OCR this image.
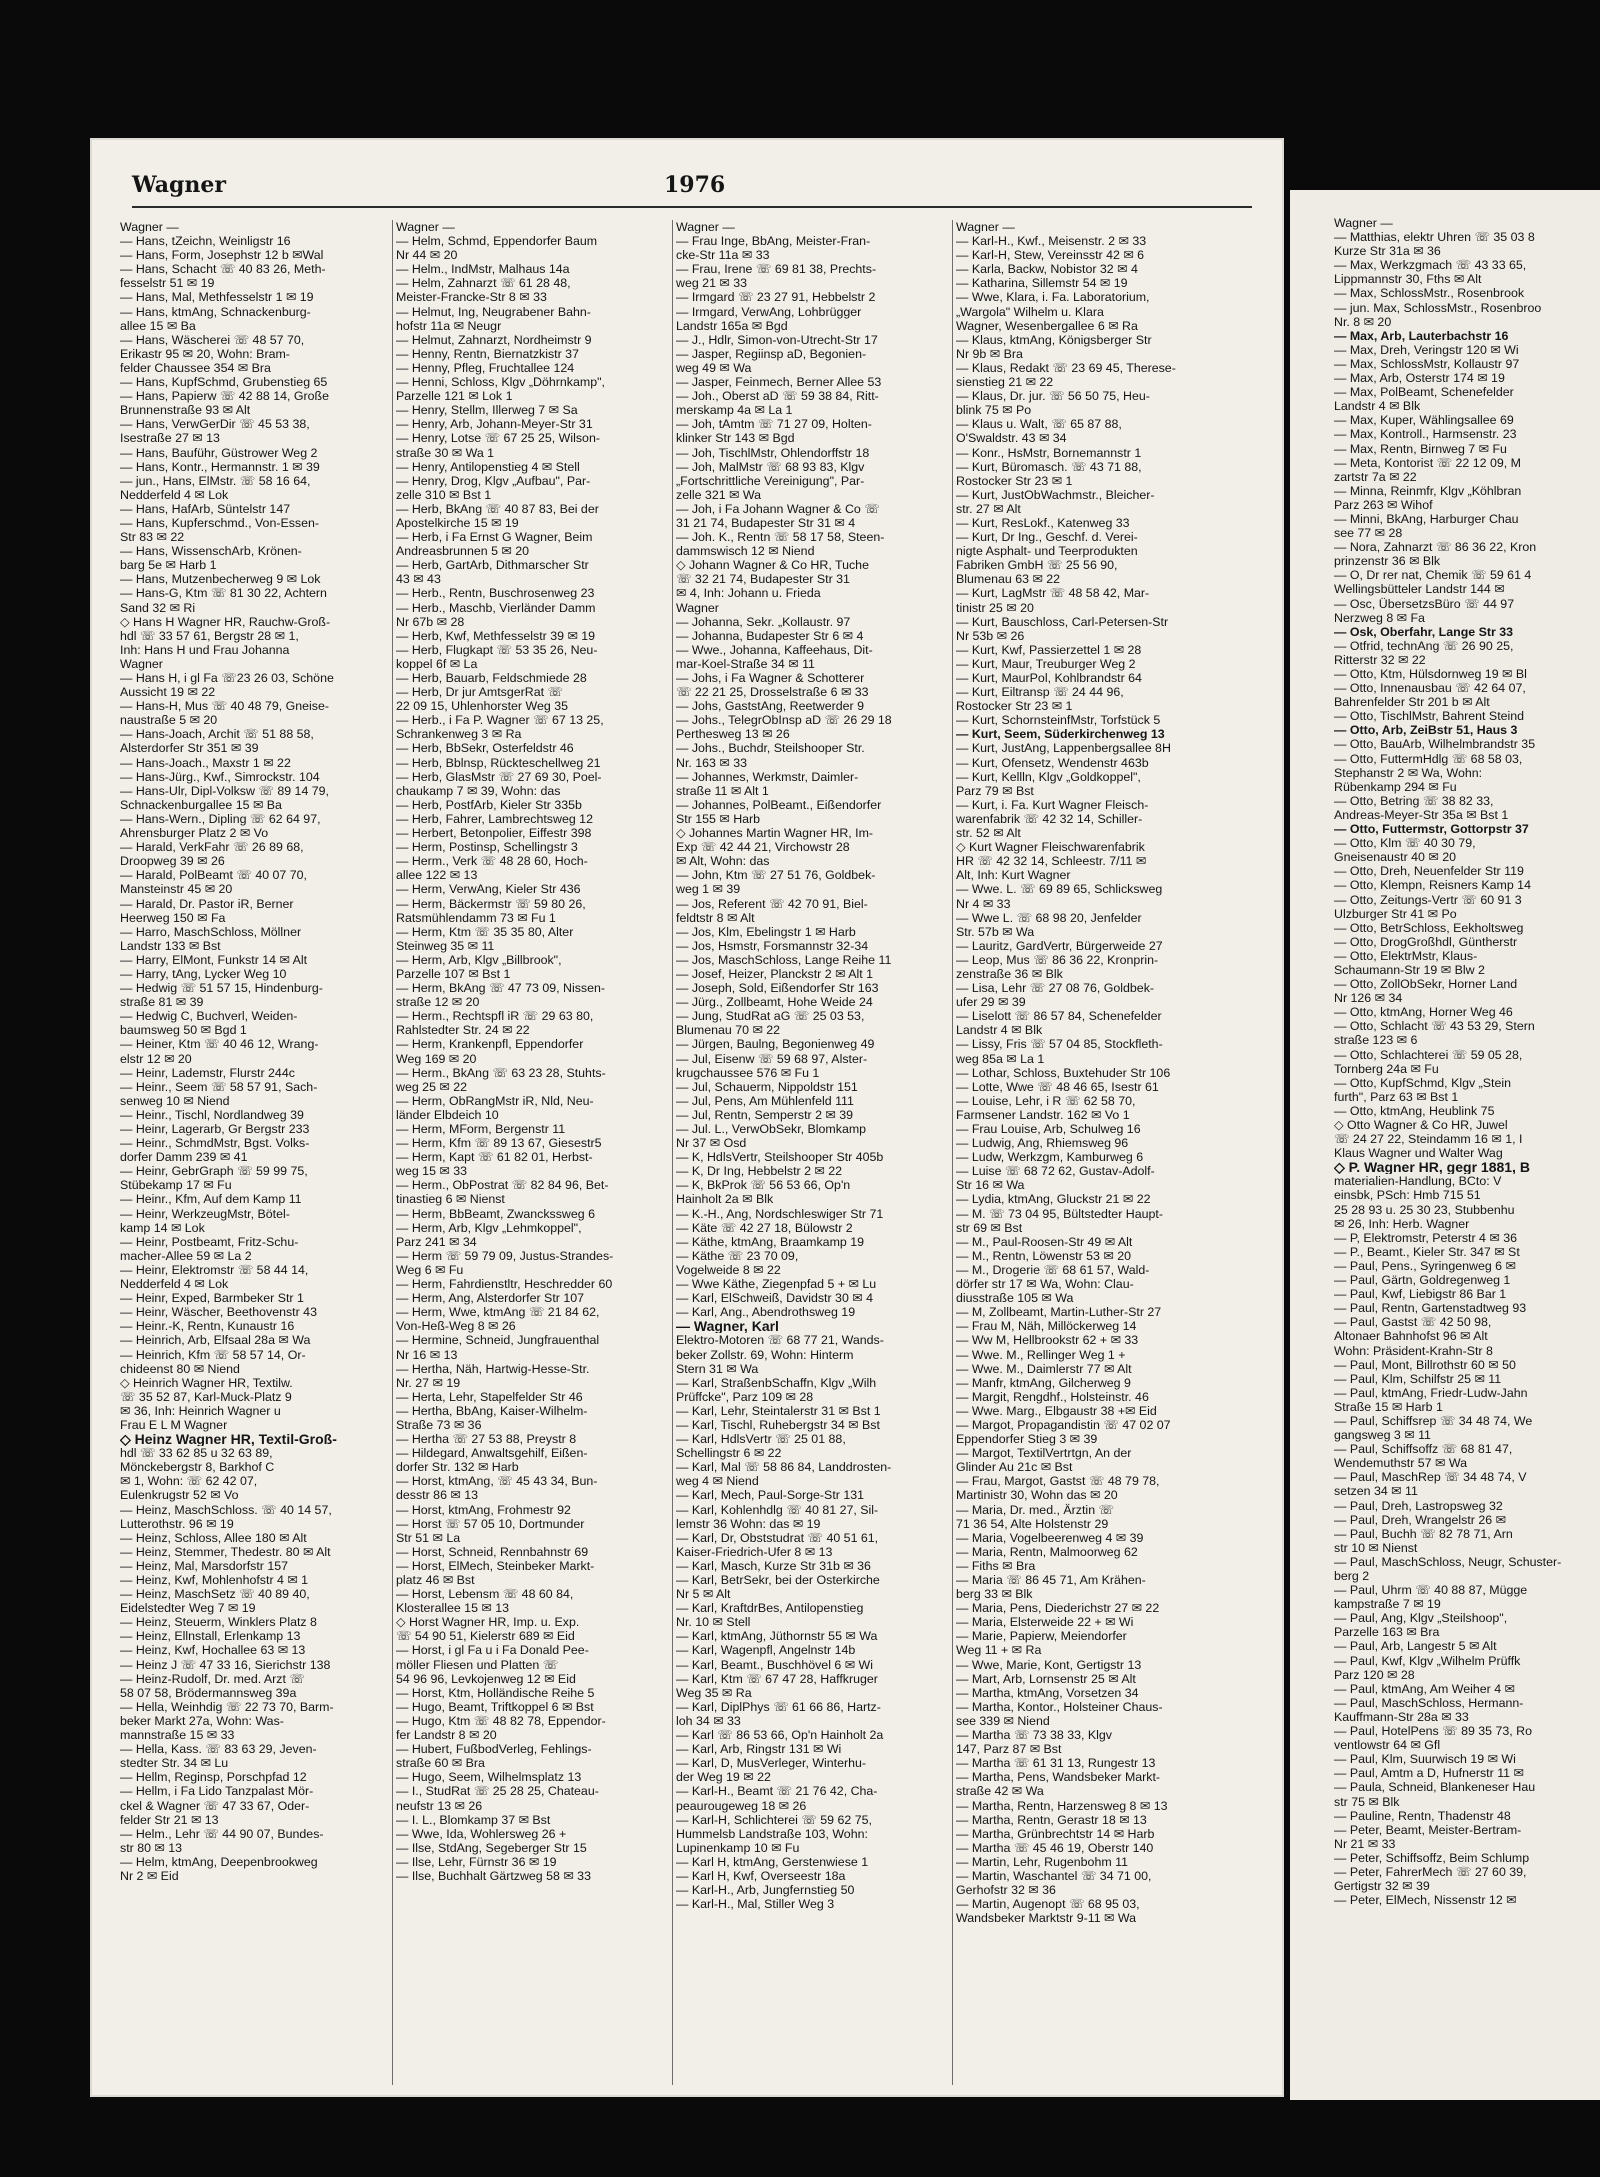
Wagner	1976
Wagner —
— Hans, tZeichn, Weinligstr 16
— Hans, Form, Josephstr 12 b ✉Wal
— Hans, Schacht ☏ 40 83 26, Meth-
fesselstr 51 ✉ 19
— Hans, Mal, Methfesselstr 1 ✉ 19
— Hans, ktmAng, Schnackenburg-
allee 15 ✉ Ba
— Hans, Wäscherei ☏ 48 57 70,
Erikastr 95 ✉ 20, Wohn: Bram-
felder Chaussee 354 ✉ Bra
— Hans, KupfSchmd, Grubenstieg 65
— Hans, Papierw ☏ 42 88 14, Große
Brunnenstraße 93 ✉ Alt
— Hans, VerwGerDir ☏ 45 53 38,
Isestraße 27 ✉ 13
— Hans, Bauführ, Güstrower Weg 2
— Hans, Kontr., Hermannstr. 1 ✉ 39
— jun., Hans, ElMstr. ☏ 58 16 64,
Nedderfeld 4 ✉ Lok
— Hans, HafArb, Süntelstr 147
— Hans, Kupferschmd., Von-Essen-
Str 83 ✉ 22
— Hans, WissenschArb, Krönen-
barg 5e ✉ Harb 1
— Hans, Mutzenbecherweg 9 ✉ Lok
— Hans-G, Ktm ☏ 81 30 22, Achtern
Sand 32 ✉ Ri
◇ Hans H Wagner HR, Rauchw-Groß-
hdl ☏ 33 57 61, Bergstr 28 ✉ 1,
Inh: Hans H und Frau Johanna
Wagner
— Hans H, i gl Fa ☏23 26 03, Schöne
Aussicht 19 ✉ 22
— Hans-H, Mus ☏ 40 48 79, Gneise-
naustraße 5 ✉ 20
— Hans-Joach, Archit ☏ 51 88 58,
Alsterdorfer Str 351 ✉ 39
— Hans-Joach., Maxstr 1 ✉ 22
— Hans-Jürg., Kwf., Simrockstr. 104
— Hans-Ulr, Dipl-Volksw ☏ 89 14 79,
Schnackenburgallee 15 ✉ Ba
— Hans-Wern., Dipling ☏ 62 64 97,
Ahrensburger Platz 2 ✉ Vo
— Harald, VerkFahr ☏ 26 89 68,
Droopweg 39 ✉ 26
— Harald, PolBeamt ☏ 40 07 70,
Mansteinstr 45 ✉ 20
— Harald, Dr. Pastor iR, Berner
Heerweg 150 ✉ Fa
— Harro, MaschSchloss, Möllner
Landstr 133 ✉ Bst
— Harry, ElMont, Funkstr 14 ✉ Alt
— Harry, tAng, Lycker Weg 10
— Hedwig ☏ 51 57 15, Hindenburg-
straße 81 ✉ 39
— Hedwig C, Buchverl, Weiden-
baumsweg 50 ✉ Bgd 1
— Heiner, Ktm ☏ 40 46 12, Wrang-
elstr 12 ✉ 20
— Heinr, Lademstr, Flurstr 244c
— Heinr., Seem ☏ 58 57 91, Sach-
senweg 10 ✉ Niend
— Heinr., Tischl, Nordlandweg 39
— Heinr, Lagerarb, Gr Bergstr 233
— Heinr., SchmdMstr, Bgst. Volks-
dorfer Damm 239 ✉ 41
— Heinr, GebrGraph ☏ 59 99 75,
Stübekamp 17 ✉ Fu
— Heinr., Kfm, Auf dem Kamp 11
— Heinr, WerkzeugMstr, Bötel-
kamp 14 ✉ Lok
— Heinr, Postbeamt, Fritz-Schu-
macher-Allee 59 ✉ La 2
— Heinr, Elektromstr ☏ 58 44 14,
Nedderfeld 4 ✉ Lok
— Heinr, Exped, Barmbeker Str 1
— Heinr, Wäscher, Beethovenstr 43
— Heinr.-K, Rentn, Kunaustr 16
— Heinrich, Arb, Elfsaal 28a ✉ Wa
— Heinrich, Kfm ☏ 58 57 14, Or-
chideenst 80 ✉ Niend
◇ Heinrich Wagner HR, Textilw.
☏ 35 52 87, Karl-Muck-Platz 9
✉ 36, Inh: Heinrich Wagner u
Frau E L M Wagner
◇ Heinz Wagner HR, Textil-Groß-
hdl ☏ 33 62 85 u 32 63 89,
Mönckebergstr 8, Barkhof C
✉ 1, Wohn: ☏ 62 42 07,
Eulenkrugstr 52 ✉ Vo
— Heinz, MaschSchloss. ☏ 40 14 57,
Lutterothstr. 96 ✉ 19
— Heinz, Schloss, Allee 180 ✉ Alt
— Heinz, Stemmer, Thedestr. 80 ✉ Alt
— Heinz, Mal, Marsdorfstr 157
— Heinz, Kwf, Mohlenhofstr 4 ✉ 1
— Heinz, MaschSetz ☏ 40 89 40,
Eidelstedter Weg 7 ✉ 19
— Heinz, Steuerm, Winklers Platz 8
— Heinz, Ellnstall, Erlenkamp 13
— Heinz, Kwf, Hochallee 63 ✉ 13
— Heinz J ☏ 47 33 16, Sierichstr 138
— Heinz-Rudolf, Dr. med. Arzt ☏
58 07 58, Brödermannsweg 39a
— Hella, Weinhdig ☏ 22 73 70, Barm-
beker Markt 27a, Wohn: Was-
mannstraße 15 ✉ 33
— Hella, Kass. ☏ 83 63 29, Jeven-
stedter Str. 34 ✉ Lu
— Hellm, Reginsp, Porschpfad 12
— Hellm, i Fa Lido Tanzpalast Mör-
ckel & Wagner ☏ 47 33 67, Oder-
felder Str 21 ✉ 13
— Helm., Lehr ☏ 44 90 07, Bundes-
str 80 ✉ 13
— Helm, ktmAng, Deepenbrookweg
Nr 2 ✉ Eid
Wagner —
— Helm, Schmd, Eppendorfer Baum
Nr 44 ✉ 20
— Helm., IndMstr, Malhaus 14a
— Helm, Zahnarzt ☏ 61 28 48,
Meister-Francke-Str 8 ✉ 33
— Helmut, Ing, Neugrabener Bahn-
hofstr 11a ✉ Neugr
— Helmut, Zahnarzt, Nordheimstr 9
— Henny, Rentn, Biernatzkistr 37
— Henny, Pfleg, Fruchtallee 124
— Henni, Schloss, Klgv „Döhrnkamp",
Parzelle 121 ✉ Lok 1
— Henry, Stellm, Illerweg 7 ✉ Sa
— Henry, Arb, Johann-Meyer-Str 31
— Henry, Lotse ☏ 67 25 25, Wilson-
straße 30 ✉ Wa 1
— Henry, Antilopenstieg 4 ✉ Stell
— Henry, Drog, Klgv „Aufbau", Par-
zelle 310 ✉ Bst 1
— Herb, BkAng ☏ 40 87 83, Bei der
Apostelkirche 15 ✉ 19
— Herb, i Fa Ernst G Wagner, Beim
Andreasbrunnen 5 ✉ 20
— Herb, GartArb, Dithmarscher Str
43 ✉ 43
— Herb., Rentn, Buschrosenweg 23
— Herb., Maschb, Vierländer Damm
Nr 67b ✉ 28
— Herb, Kwf, Methfesselstr 39 ✉ 19
— Herb, Flugkapt ☏ 53 35 26, Neu-
koppel 6f ✉ La
— Herb, Bauarb, Feldschmiede 28
— Herb, Dr jur AmtsgerRat ☏
22 09 15, Uhlenhorster Weg 35
— Herb., i Fa P. Wagner ☏ 67 13 25,
Schrankenweg 3 ✉ Ra
— Herb, BbSekr, Osterfeldstr 46
— Herb, Bblnsp, Rückteschellweg 21
— Herb, GlasMstr ☏ 27 69 30, Poel-
chaukamp 7 ✉ 39, Wohn: das
— Herb, PostfArb, Kieler Str 335b
— Herb, Fahrer, Lambrechtsweg 12
— Herbert, Betonpolier, Eiffestr 398
— Herm, Postinsp, Schellingstr 3
— Herm., Verk ☏ 48 28 60, Hoch-
allee 122 ✉ 13
— Herm, VerwAng, Kieler Str 436
— Herm, Bäckermstr ☏ 59 80 26,
Ratsmühlendamm 73 ✉ Fu 1
— Herm, Ktm ☏ 35 35 80, Alter
Steinweg 35 ✉ 11
— Herm, Arb, Klgv „Billbrook",
Parzelle 107 ✉ Bst 1
— Herm, BkAng ☏ 47 73 09, Nissen-
straße 12 ✉ 20
— Herm., Rechtspfl iR ☏ 29 63 80,
Rahlstedter Str. 24 ✉ 22
— Herm, Krankenpfl, Eppendorfer
Weg 169 ✉ 20
— Herm., BkAng ☏ 63 23 28, Stuhts-
weg 25 ✉ 22
— Herm, ObRangMstr iR, Nld, Neu-
länder Elbdeich 10
— Herm, MForm, Bergenstr 11
— Herm, Kfm ☏ 89 13 67, Giesestr5
— Herm, Kapt ☏ 61 82 01, Herbst-
weg 15 ✉ 33
— Herm., ObPostrat ☏ 82 84 96, Bet-
tinastieg 6 ✉ Nienst
— Herm, BbBeamt, Zwanckssweg 6
— Herm, Arb, Klgv „Lehmkoppel",
Parz 241 ✉ 34
— Herm ☏ 59 79 09, Justus-Strandes-
Weg 6 ✉ Fu
— Herm, Fahrdienstltr, Heschredder 60
— Herm, Ang, Alsterdorfer Str 107
— Herm, Wwe, ktmAng ☏ 21 84 62,
Von-Heß-Weg 8 ✉ 26
— Hermine, Schneid, Jungfrauenthal
Nr 16 ✉ 13
— Hertha, Näh, Hartwig-Hesse-Str.
Nr. 27 ✉ 19
— Herta, Lehr, Stapelfelder Str 46
— Hertha, BbAng, Kaiser-Wilhelm-
Straße 73 ✉ 36
— Hertha ☏ 27 53 88, Preystr 8
— Hildegard, Anwaltsgehilf, Eißen-
dorfer Str. 132 ✉ Harb
— Horst, ktmAng, ☏ 45 43 34, Bun-
desstr 86 ✉ 13
— Horst, ktmAng, Frohmestr 92
— Horst ☏ 57 05 10, Dortmunder
Str 51 ✉ La
— Horst, Schneid, Rennbahnstr 69
— Horst, ElMech, Steinbeker Markt-
platz 46 ✉ Bst
— Horst, Lebensm ☏ 48 60 84,
Klosterallee 15 ✉ 13
◇ Horst Wagner HR, Imp. u. Exp.
☏ 54 90 51, Kielerstr 689 ✉ Eid
— Horst, i gl Fa u i Fa Donald Pee-
möller Fliesen und Platten ☏
54 96 96, Levkojenweg 12 ✉ Eid
— Horst, Ktm, Holländische Reihe 5
— Hugo, Beamt, Triftkoppel 6 ✉ Bst
— Hugo, Ktm ☏ 48 82 78, Eppendor-
fer Landstr 8 ✉ 20
— Hubert, FußbodVerleg, Fehlings-
straße 60 ✉ Bra
— Hugo, Seem, Wilhelmsplatz 13
— I., StudRat ☏ 25 28 25, Chateau-
neufstr 13 ✉ 26
— I. L., Blomkamp 37 ✉ Bst
— Wwe, Ida, Wohlersweg 26 +
— Ilse, StdAng, Segeberger Str 15
— Ilse, Lehr, Fürnstr 36 ✉ 19
— Ilse, Buchhalt Gärtzweg 58 ✉ 33
Wagner —
— Frau Inge, BbAng, Meister-Fran-
cke-Str 11a ✉ 33
— Frau, Irene ☏ 69 81 38, Prechts-
weg 21 ✉ 33
— Irmgard ☏ 23 27 91, Hebbelstr 2
— Irmgard, VerwAng, Lohbrügger
Landstr 165a ✉ Bgd
— J., Hdlr, Simon-von-Utrecht-Str 17
— Jasper, Regiinsp aD, Begonien-
weg 49 ✉ Wa
— Jasper, Feinmech, Berner Allee 53
— Joh., Oberst aD ☏ 59 38 84, Ritt-
merskamp 4a ✉ La 1
— Joh, tAmtm ☏ 71 27 09, Holten-
klinker Str 143 ✉ Bgd
— Joh, TischlMstr, Ohlendorffstr 18
— Joh, MalMstr ☏ 68 93 83, Klgv
„Fortschrittliche Vereinigung", Par-
zelle 321 ✉ Wa
— Joh, i Fa Johann Wagner & Co ☏
31 21 74, Budapester Str 31 ✉ 4
— Joh. K., Rentn ☏ 58 17 58, Steen-
dammswisch 12 ✉ Niend
◇ Johann Wagner & Co HR, Tuche
☏ 32 21 74, Budapester Str 31
✉ 4, Inh: Johann u. Frieda
Wagner
— Johanna, Sekr. „Kollaustr. 97
— Johanna, Budapester Str 6 ✉ 4
— Wwe., Johanna, Kaffeehaus, Dit-
mar-Koel-Straße 34 ✉ 11
— Johs, i Fa Wagner & Schotterer
☏ 22 21 25, Drosselstraße 6 ✉ 33
— Johs, GaststAng, Reetwerder 9
— Johs., TelegrObInsp aD ☏ 26 29 18
Perthesweg 13 ✉ 26
— Johs., Buchdr, Steilshooper Str.
Nr. 163 ✉ 33
— Johannes, Werkmstr, Daimler-
straße 11 ✉ Alt 1
— Johannes, PolBeamt., Eißendorfer
Str 155 ✉ Harb
◇ Johannes Martin Wagner HR, Im-
Exp ☏ 42 44 21, Virchowstr 28
✉ Alt, Wohn: das
— John, Ktm ☏ 27 51 76, Goldbek-
weg 1 ✉ 39
— Jos, Referent ☏ 42 70 91, Biel-
feldtstr 8 ✉ Alt
— Jos, Klm, Ebelingstr 1 ✉ Harb
— Jos, Hsmstr, Forsmannstr 32-34
— Jos, MaschSchloss, Lange Reihe 11
— Josef, Heizer, Planckstr 2 ✉ Alt 1
— Joseph, Sold, Eißendorfer Str 163
— Jürg., Zollbeamt, Hohe Weide 24
— Jung, StudRat aG ☏ 25 03 53,
Blumenau 70 ✉ 22
— Jürgen, Baulng, Begonienweg 49
— Jul, Eisenw ☏ 59 68 97, Alster-
krugchaussee 576 ✉ Fu 1
— Jul, Schauerm, Nippoldstr 151
— Jul, Pens, Am Mühlenfeld 111
— Jul, Rentn, Semperstr 2 ✉ 39
— Jul. L., VerwObSekr, Blomkamp
Nr 37 ✉ Osd
— K, HdlsVertr, Steilshooper Str 405b
— K, Dr Ing, Hebbelstr 2 ✉ 22
— K, BkProk ☏ 56 53 66, Op'n
Hainholt 2a ✉ Blk
— K.-H., Ang, Nordschleswiger Str 71
— Käte ☏ 42 27 18, Bülowstr 2
— Käthe, ktmAng, Braamkamp 19
— Käthe ☏ 23 70 09,
Vogelweide 8 ✉ 22
— Wwe Käthe, Ziegenpfad 5 + ✉ Lu
— Karl, ElSchweiß, Davidstr 30 ✉ 4
— Karl, Ang., Abendrothsweg 19
— Wagner, Karl
Elektro-Motoren ☏ 68 77 21, Wands-
beker Zollstr. 69, Wohn: Hinterm
Stern 31 ✉ Wa
— Karl, StraßenbSchaffn, Klgv „Wilh
Prüffcke", Parz 109 ✉ 28
— Karl, Lehr, Steintalerstr 31 ✉ Bst 1
— Karl, Tischl, Ruhebergstr 34 ✉ Bst
— Karl, HdlsVertr ☏ 25 01 88,
Schellingstr 6 ✉ 22
— Karl, Mal ☏ 58 86 84, Landdrosten-
weg 4 ✉ Niend
— Karl, Mech, Paul-Sorge-Str 131
— Karl, Kohlenhdlg ☏ 40 81 27, Sil-
lemstr 36 Wohn: das ✉ 19
— Karl, Dr, Obststudrat ☏ 40 51 61,
Kaiser-Friedrich-Ufer 8 ✉ 13
— Karl, Masch, Kurze Str 31b ✉ 36
— Karl, BetrSekr, bei der Osterkirche
Nr 5 ✉ Alt
— Karl, KraftdrBes, Antilopenstieg
Nr. 10 ✉ Stell
— Karl, ktmAng, Jüthornstr 55 ✉ Wa
— Karl, Wagenpfl, Angelnstr 14b
— Karl, Beamt., Buschhövel 6 ✉ Wi
— Karl, Ktm ☏ 67 47 28, Haffkruger
Weg 35 ✉ Ra
— Karl, DiplPhys ☏ 61 66 86, Hartz-
loh 34 ✉ 33
— Karl ☏ 86 53 66, Op'n Hainholt 2a
— Karl, Arb, Ringstr 131 ✉ Wi
— Karl, D, MusVerleger, Winterhu-
der Weg 19 ✉ 22
— Karl-H., Beamt ☏ 21 76 42, Cha-
peaurougeweg 18 ✉ 26
— Karl-H, Schlichterei ☏ 59 62 75,
Hummelsb Landstraße 103, Wohn:
Lupinenkamp 10 ✉ Fu
— Karl H, ktmAng, Gerstenwiese 1
— Karl H, Kwf, Overseestr 18a
— Karl-H., Arb, Jungfernstieg 50
— Karl-H., Mal, Stiller Weg 3
Wagner —
— Karl-H., Kwf., Meisenstr. 2 ✉ 33
— Karl-H, Stew, Vereinsstr 42 ✉ 6
— Karla, Backw, Nobistor 32 ✉ 4
— Katharina, Sillemstr 54 ✉ 19
— Wwe, Klara, i. Fa. Laboratorium,
„Wargola" Wilhelm u. Klara
Wagner, Wesenbergallee 6 ✉ Ra
— Klaus, ktmAng, Königsberger Str
Nr 9b ✉ Bra
— Klaus, Redakt ☏ 23 69 45, Therese-
sienstieg 21 ✉ 22
— Klaus, Dr. jur. ☏ 56 50 75, Heu-
blink 75 ✉ Po
— Klaus u. Walt, ☏ 65 87 88,
O'Swaldstr. 43 ✉ 34
— Konr., HsMstr, Bornemannstr 1
— Kurt, Büromasch. ☏ 43 71 88,
Rostocker Str 23 ✉ 1
— Kurt, JustObWachmstr., Bleicher-
str. 27 ✉ Alt
— Kurt, ResLokf., Katenweg 33
— Kurt, Dr Ing., Geschf. d. Verei-
nigte Asphalt- und Teerprodukten
Fabriken GmbH ☏ 25 56 90,
Blumenau 63 ✉ 22
— Kurt, LagMstr ☏ 48 58 42, Mar-
tinistr 25 ✉ 20
— Kurt, Bauschloss, Carl-Petersen-Str
Nr 53b ✉ 26
— Kurt, Kwf, Passierzettel 1 ✉ 28
— Kurt, Maur, Treuburger Weg 2
— Kurt, MaurPol, Kohlbrandstr 64
— Kurt, Eiltransp ☏ 24 44 96,
Rostocker Str 23 ✉ 1
— Kurt, SchornsteinfMstr, Torfstück 5
— Kurt, Seem, Süderkirchenweg 13
— Kurt, JustAng, Lappenbergsallee 8H
— Kurt, Ofensetz, Wendenstr 463b
— Kurt, Kellln, Klgv „Goldkoppel",
Parz 79 ✉ Bst
— Kurt, i. Fa. Kurt Wagner Fleisch-
warenfabrik ☏ 42 32 14, Schiller-
str. 52 ✉ Alt
◇ Kurt Wagner Fleischwarenfabrik
HR ☏ 42 32 14, Schleestr. 7/11 ✉
Alt, Inh: Kurt Wagner
— Wwe. L. ☏ 69 89 65, Schlicksweg
Nr 4 ✉ 33
— Wwe L. ☏ 68 98 20, Jenfelder
Str. 57b ✉ Wa
— Lauritz, GardVertr, Bürgerweide 27
— Leop, Mus ☏ 86 36 22, Kronprin-
zenstraße 36 ✉ Blk
— Lisa, Lehr ☏ 27 08 76, Goldbek-
ufer 29 ✉ 39
— Liselott ☏ 86 57 84, Schenefelder
Landstr 4 ✉ Blk
— Lissy, Fris ☏ 57 04 85, Stockfleth-
weg 85a ✉ La 1
— Lothar, Schloss, Buxtehuder Str 106
— Lotte, Wwe ☏ 48 46 65, Isestr 61
— Louise, Lehr, i R ☏ 62 58 70,
Farmsener Landstr. 162 ✉ Vo 1
— Frau Louise, Arb, Schulweg 16
— Ludwig, Ang, Rhiemsweg 96
— Ludw, Werkzgm, Kamburweg 6
— Luise ☏ 68 72 62, Gustav-Adolf-
Str 16 ✉ Wa
— Lydia, ktmAng, Gluckstr 21 ✉ 22
— M. ☏ 73 04 95, Bültstedter Haupt-
str 69 ✉ Bst
— M., Paul-Roosen-Str 49 ✉ Alt
— M., Rentn, Löwenstr 53 ✉ 20
— M., Drogerie ☏ 68 61 57, Wald-
dörfer str 17 ✉ Wa, Wohn: Clau-
diusstraße 105 ✉ Wa
— M, Zollbeamt, Martin-Luther-Str 27
— Frau M, Näh, Millöckerweg 14
— Ww M, Hellbrookstr 62 + ✉ 33
— Wwe. M., Rellinger Weg 1 +
— Wwe. M., Daimlerstr 77 ✉ Alt
— Manfr, ktmAng, Gilcherweg 9
— Margit, Rengdhf., Holsteinstr. 46
— Wwe. Marg., Elbgaustr 38 +✉ Eid
— Margot, Propagandistin ☏ 47 02 07
Eppendorfer Stieg 3 ✉ 39
— Margot, TextilVertrtgn, An der
Glinder Au 21c ✉ Bst
— Frau, Margot, Gastst ☏ 48 79 78,
Martinistr 30, Wohn das ✉ 20
— Maria, Dr. med., Ärztin ☏
71 36 54, Alte Holstenstr 29
— Maria, Vogelbeerenweg 4 ✉ 39
— Maria, Rentn, Malmoorweg 62
— Fiths ✉ Bra
— Maria ☏ 86 45 71, Am Krähen-
berg 33 ✉ Blk
— Maria, Pens, Diederichstr 27 ✉ 22
— Maria, Elsterweide 22 + ✉ Wi
— Marie, Papierw, Meiendorfer
Weg 11 + ✉ Ra
— Wwe, Marie, Kont, Gertigstr 13
— Mart, Arb, Lornsenstr 25 ✉ Alt
— Martha, ktmAng, Vorsetzen 34
— Martha, Kontor., Holsteiner Chaus-
see 339 ✉ Niend
— Martha ☏ 73 38 33, Klgv
147, Parz 87 ✉ Bst
— Martha ☏ 61 31 13, Rungestr 13
— Martha, Pens, Wandsbeker Markt-
straße 42 ✉ Wa
— Martha, Rentn, Harzensweg 8 ✉ 13
— Martha, Rentn, Gerastr 18 ✉ 13
— Martha, Grünbrechtstr 14 ✉ Harb
— Martha ☏ 45 46 19, Oberstr 140
— Martin, Lehr, Rugenbohm 11
— Martin, Waschantel ☏ 34 71 00,
Gerhofstr 32 ✉ 36
— Martin, Augenopt ☏ 68 95 03,
Wandsbeker Marktstr 9-11 ✉ Wa
Wagner —
— Matthias, elektr Uhren ☏ 35 03 8
Kurze Str 31a ✉ 36
— Max, Werkzgmach ☏ 43 33 65,
Lippmannstr 30, Fths ✉ Alt
— Max, SchlossMstr., Rosenbrook
— jun. Max, SchlossMstr., Rosenbroo
Nr. 8 ✉ 20
— Max, Arb, Lauterbachstr 16
— Max, Dreh, Veringstr 120 ✉ Wi
— Max, SchlossMstr, Kollaustr 97
— Max, Arb, Osterstr 174 ✉ 19
— Max, PolBeamt, Schenefelder
Landstr 4 ✉ Blk
— Max, Kuper, Wählingsallee 69
— Max, Kontroll., Harmsenstr. 23
— Max, Rentn, Birnweg 7 ✉ Fu
— Meta, Kontorist ☏ 22 12 09, M
zartstr 7a ✉ 22
— Minna, Reinmfr, Klgv „Köhlbran
Parz 263 ✉ Wihof
— Minni, BkAng, Harburger Chau
see 77 ✉ 28
— Nora, Zahnarzt ☏ 86 36 22, Kron
prinzenstr 36 ✉ Blk
— O, Dr rer nat, Chemik ☏ 59 61 4
Wellingsbütteler Landstr 144 ✉
— Osc, ÜbersetzsBüro ☏ 44 97
Nerzweg 8 ✉ Fa
— Osk, Oberfahr, Lange Str 33
— Otfrid, technAng ☏ 26 90 25,
Ritterstr 32 ✉ 22
— Otto, Ktm, Hülsdornweg 19 ✉ Bl
— Otto, Innenausbau ☏ 42 64 07,
Bahrenfelder Str 201 b ✉ Alt
— Otto, TischlMstr, Bahrent Steind
— Otto, Arb, ZeiBstr 51, Haus 3
— Otto, BauArb, Wilhelmbrandstr 35
— Otto, FuttermHdlg ☏ 68 58 03,
Stephanstr 2 ✉ Wa, Wohn:
Rübenkamp 294 ✉ Fu
— Otto, Betring ☏ 38 82 33,
Andreas-Meyer-Str 35a ✉ Bst 1
— Otto, Futtermstr, Gottorpstr 37
— Otto, Klm ☏ 40 30 79,
Gneisenaustr 40 ✉ 20
— Otto, Dreh, Neuenfelder Str 119
— Otto, Klempn, Reisners Kamp 14
— Otto, Zeitungs-Vertr ☏ 60 91 3
Ulzburger Str 41 ✉ Po
— Otto, BetrSchloss, Eekholtsweg
— Otto, DrogGroßhdl, Güntherstr
— Otto, ElektrMstr, Klaus-
Schaumann-Str 19 ✉ Blw 2
— Otto, ZollObSekr, Horner Land
Nr 126 ✉ 34
— Otto, ktmAng, Horner Weg 46
— Otto, Schlacht ☏ 43 53 29, Stern
straße 123 ✉ 6
— Otto, Schlachterei ☏ 59 05 28,
Tornberg 24a ✉ Fu
— Otto, KupfSchmd, Klgv „Stein
furth", Parz 63 ✉ Bst 1
— Otto, ktmAng, Heublink 75
◇ Otto Wagner & Co HR, Juwel
☏ 24 27 22, Steindamm 16 ✉ 1, I
Klaus Wagner und Walter Wag
◇ P. Wagner HR, gegr 1881, B
materialien-Handlung, BCto: V
einsbk, PSch: Hmb 715 51
25 28 93 u. 25 30 23, Stubbenhu
✉ 26, Inh: Herb. Wagner
— P, Elektromstr, Peterstr 4 ✉ 36
— P., Beamt., Kieler Str. 347 ✉ St
— Paul, Pens., Syringenweg 6 ✉
— Paul, Gärtn, Goldregenweg 1
— Paul, Kwf, Liebigstr 86 Bar 1
— Paul, Rentn, Gartenstadtweg 93
— Paul, Gastst ☏ 42 50 98,
Altonaer Bahnhofst 96 ✉ Alt
Wohn: Präsident-Krahn-Str 8
— Paul, Mont, Billrothstr 60 ✉ 50
— Paul, Klm, Schilfstr 25 ✉ 11
— Paul, ktmAng, Friedr-Ludw-Jahn
Straße 15 ✉ Harb 1
— Paul, Schiffsrep ☏ 34 48 74, We
gangsweg 3 ✉ 11
— Paul, Schiffsoffz ☏ 68 81 47,
Wendemuthstr 57 ✉ Wa
— Paul, MaschRep ☏ 34 48 74, V
setzen 34 ✉ 11
— Paul, Dreh, Lastropsweg 32
— Paul, Dreh, Wrangelstr 26 ✉
— Paul, Buchh ☏ 82 78 71, Arn
str 10 ✉ Nienst
— Paul, MaschSchloss, Neugr, Schuster-
berg 2
— Paul, Uhrm ☏ 40 88 87, Mügge
kampstraße 7 ✉ 19
— Paul, Ang, Klgv „Steilshoop",
Parzelle 163 ✉ Bra
— Paul, Arb, Langestr 5 ✉ Alt
— Paul, Kwf, Klgv „Wilhelm Prüffk
Parz 120 ✉ 28
— Paul, ktmAng, Am Weiher 4 ✉
— Paul, MaschSchloss, Hermann-
Kauffmann-Str 28a ✉ 33
— Paul, HotelPens ☏ 89 35 73, Ro
ventlowstr 64 ✉ Gfl
— Paul, Klm, Suurwisch 19 ✉ Wi
— Paul, Amtm a D, Hufnerstr 11 ✉
— Paula, Schneid, Blankeneser Hau
str 75 ✉ Blk
— Pauline, Rentn, Thadenstr 48
— Peter, Beamt, Meister-Bertram-
Nr 21 ✉ 33
— Peter, Schiffsoffz, Beim Schlump
— Peter, FahrerMech ☏ 27 60 39,
Gertigstr 32 ✉ 39
— Peter, ElMech, Nissenstr 12 ✉
